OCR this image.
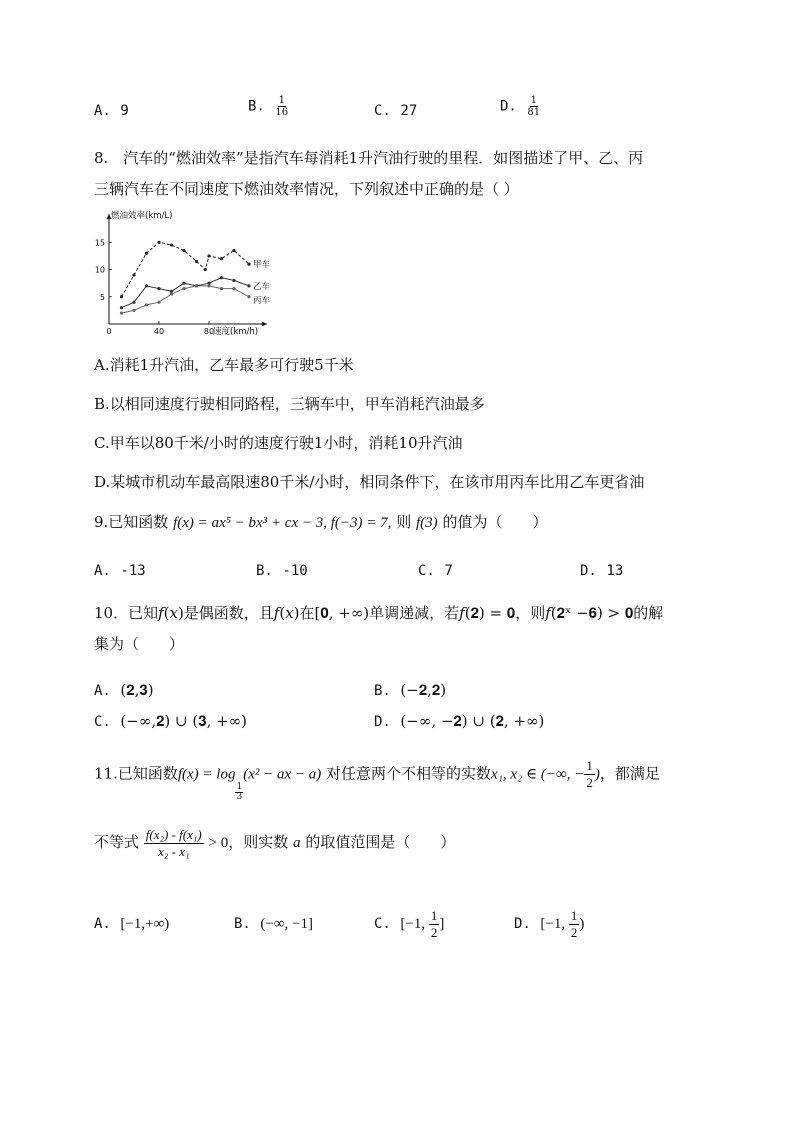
A. 9	B. $\frac{1}{16}$	C. 27	D. $\frac{1}{81}$
8.　汽车的“燃油效率”是指汽车每消耗1升汽油行驶的里程．如图描述了甲、乙、丙
三辆汽车在不同速度下燃油效率情况，下列叙述中正确的是（ ）
燃油效率(km/L)
速度(km/h)
0	40	80
5
10
15
甲车
乙车
丙车
A.消耗1升汽油，乙车最多可行驶5千米
B.以相同速度行驶相同路程，三辆车中，甲车消耗汽油最多
C.甲车以80千米/小时的速度行驶1小时，消耗10升汽油
D.某城市机动车最高限速80千米/小时，相同条件下，在该市用丙车比用乙车更省油
9.已知函数 f(x) = ax⁵ − bx³ + cx − 3, f(−3) = 7, 则 f(3) 的值为（　　）
A. -13	B. -10	C. 7	D. 13
10．已知𝑓(𝑥)是偶函数，且𝑓(𝑥)在[𝟎, +∞)单调递减，若𝑓(𝟐) = 𝟎，则𝑓(𝟐ˣ −𝟔) > 𝟎的解
集为（　　）
A. (𝟐,𝟑)	B. (−𝟐,𝟐)
C. (−∞,𝟐) ∪ (𝟑, +∞)	D. (−∞, −𝟐) ∪ (𝟐, +∞)
11.已知函数f(x) = log
$\frac{1}{3}$
(x² − ax − a) 对任意两个不相等的实数x₁, x₂ ∈ (−∞, − $\frac{1}{2}$ )，都满足
不等式 $\frac{\text{f(x₂) - f(x₁)}}{\text{x₂ - x₁}} > 0$，则实数 a 的取值范围是（　　）
A. [−1,+∞)	B. (−∞, −1]	C. [−1, $\frac{1}{2}$ ]	D. [−1, $\frac{1}{2}$ )
